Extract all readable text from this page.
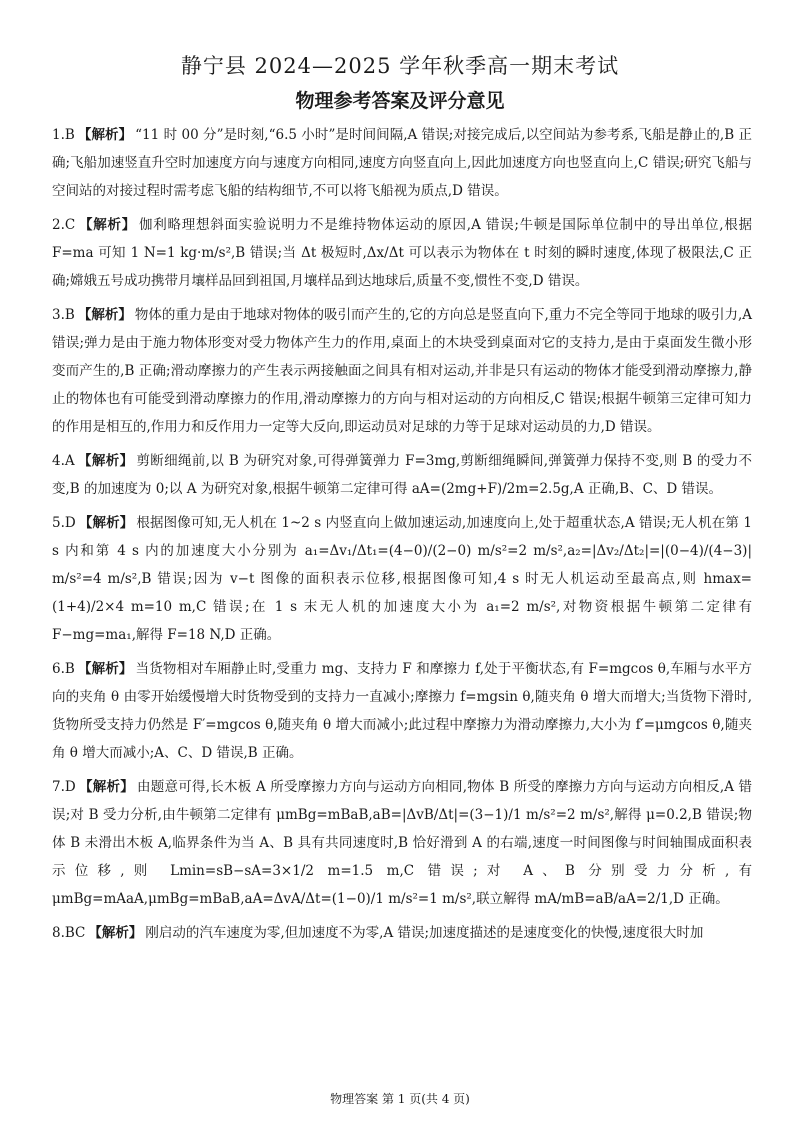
静宁县 2024—2025 学年秋季高一期末考试
物理参考答案及评分意见
1.B 【解析】 “11 时 00 分”是时刻,“6.5 小时”是时间间隔,A 错误;对接完成后,以空间站为参考系,飞船是静止的,B 正确;飞船加速竖直升空时加速度方向与速度方向相同,速度方向竖直向上,因此加速度方向也竖直向上,C 错误;研究飞船与空间站的对接过程时需考虑飞船的结构细节,不可以将飞船视为质点,D 错误。
2.C 【解析】 伽利略理想斜面实验说明力不是维持物体运动的原因,A 错误;牛顿是国际单位制中的导出单位,根据 F=ma 可知 1 N=1 kg·m/s²,B 错误;当 Δt 极短时,Δx/Δt 可以表示为物体在 t 时刻的瞬时速度,体现了极限法,C 正确;嫦娥五号成功携带月壤样品回到祖国,月壤样品到达地球后,质量不变,惯性不变,D 错误。
3.B 【解析】 物体的重力是由于地球对物体的吸引而产生的,它的方向总是竖直向下,重力不完全等同于地球的吸引力,A 错误;弹力是由于施力物体形变对受力物体产生力的作用,桌面上的木块受到桌面对它的支持力,是由于桌面发生微小形变而产生的,B 正确;滑动摩擦力的产生表示两接触面之间具有相对运动,并非是只有运动的物体才能受到滑动摩擦力,静止的物体也有可能受到滑动摩擦力的作用,滑动摩擦力的方向与相对运动的方向相反,C 错误;根据牛顿第三定律可知力的作用是相互的,作用力和反作用力一定等大反向,即运动员对足球的力等于足球对运动员的力,D 错误。
4.A 【解析】 剪断细绳前,以 B 为研究对象,可得弹簧弹力 F=3mg,剪断细绳瞬间,弹簧弹力保持不变,则 B 的受力不变,B 的加速度为 0;以 A 为研究对象,根据牛顿第二定律可得 aA=(2mg+F)/2m=2.5g,A 正确,B、C、D 错误。
5.D 【解析】 根据图像可知,无人机在 1~2 s 内竖直向上做加速运动,加速度向上,处于超重状态,A 错误;无人机在第 1 s 内和第 4 s 内的加速度大小分别为 a₁=Δv₁/Δt₁=(4−0)/(2−0) m/s²=2 m/s²,a₂=|Δv₂/Δt₂|=|(0−4)/(4−3)| m/s²=4 m/s²,B 错误;因为 v−t 图像的面积表示位移,根据图像可知,4 s 时无人机运动至最高点,则 hmax=(1+4)/2×4 m=10 m,C 错误;在 1 s 末无人机的加速度大小为 a₁=2 m/s²,对物资根据牛顿第二定律有 F−mg=ma₁,解得 F=18 N,D 正确。
6.B 【解析】 当货物相对车厢静止时,受重力 mg、支持力 F 和摩擦力 f,处于平衡状态,有 F=mgcos θ,车厢与水平方向的夹角 θ 由零开始缓慢增大时货物受到的支持力一直减小;摩擦力 f=mgsin θ,随夹角 θ 增大而增大;当货物下滑时,货物所受支持力仍然是 F′=mgcos θ,随夹角 θ 增大而减小;此过程中摩擦力为滑动摩擦力,大小为 f′=μmgcos θ,随夹角 θ 增大而减小;A、C、D 错误,B 正确。
7.D 【解析】 由题意可得,长木板 A 所受摩擦力方向与运动方向相同,物体 B 所受的摩擦力方向与运动方向相反,A 错误;对 B 受力分析,由牛顿第二定律有 μmBg=mBaB,aB=|ΔvB/Δt|=(3−1)/1 m/s²=2 m/s²,解得 μ=0.2,B 错误;物体 B 未滑出木板 A,临界条件为当 A、B 具有共同速度时,B 恰好滑到 A 的右端,速度一时间图像与时间轴围成面积表示位移,则 Lmin=sB−sA=3×1/2 m=1.5 m,C 错误;对 A、B 分别受力分析,有 μmBg=mAaA,μmBg=mBaB,aA=ΔvA/Δt=(1−0)/1 m/s²=1 m/s²,联立解得 mA/mB=aB/aA=2/1,D 正确。
8.BC 【解析】 刚启动的汽车速度为零,但加速度不为零,A 错误;加速度描述的是速度变化的快慢,速度很大时加
物理答案 第 1 页(共 4 页)
